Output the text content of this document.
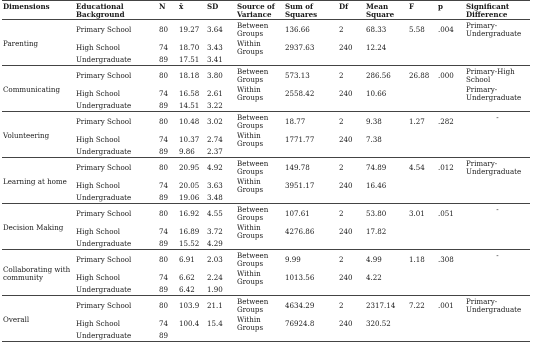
Dimensions	Educational Background	N	x̄	SD	Source of Variance	Sum of Squares	Df	Mean Square	F	p	Significant Difference
Parenting	Primary School	80	19.27	3.64	Between Groups	136.66	2	68.33	5.58	.004	Primary-Undergraduate
	High School	74	18.70	3.43	Within Groups	2937.63	240	12.24			
	Undergraduate	89	17.51	3.41							
Communicating	Primary School	80	18.18	3.80	Between Groups	573.13	2	286.56	26.88	.000	Primary-High School
	High School	74	16.58	2.61	Within Groups	2558.42	240	10.66			Primary-Undergraduate
	Undergraduate	89	14.51	3.22							
Volunteering	Primary School	80	10.48	3.02	Between Groups	18.77	2	9.38	1.27	.282	-
	High School	74	10.37	2.74	Within Groups	1771.77	240	7.38			
	Undergraduate	89	9.86	2.37							
Learning at home	Primary School	80	20.95	4.92	Between Groups	149.78	2	74.89	4.54	.012	Primary-Undergraduate
	High School	74	20.05	3.63	Within Groups	3951.17	240	16.46			
	Undergraduate	89	19.06	3.48							
Decision Making	Primary School	80	16.92	4.55	Between Groups	107.61	2	53.80	3.01	.051	-
	High School	74	16.89	3.72	Within Groups	4276.86	240	17.82			
	Undergraduate	89	15.52	4.29							
Collaborating with community	Primary School	80	6.91	2.03	Between Groups	9.99	2	4.99	1.18	.308	-
	High School	74	6.62	2.24	Within Groups	1013.56	240	4.22			
	Undergraduate	89	6.42	1.90							
Overall	Primary School	80	103.9	21.1	Between Groups	4634.29	2	2317.14	7.22	.001	Primary-Undergraduate
	High School	74	100.4	15.4	Within Groups	76924.8	240	320.52			
	Undergraduate	89									
